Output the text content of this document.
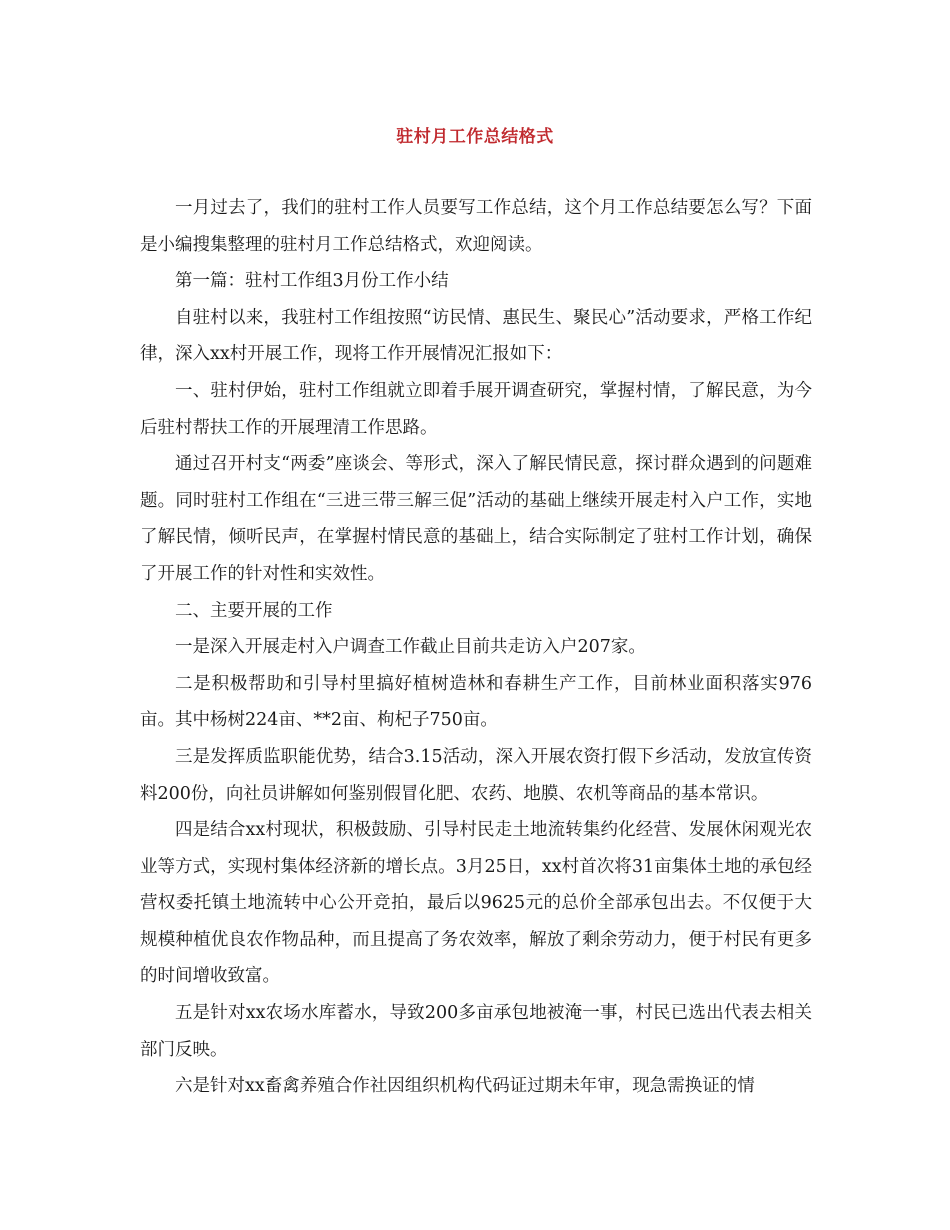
驻村月工作总结格式

一月过去了，我们的驻村工作人员要写工作总结，这个月工作总结要怎么写？下面是小编搜集整理的驻村月工作总结格式，欢迎阅读。

第一篇：驻村工作组3月份工作小结

自驻村以来，我驻村工作组按照“访民情、惠民生、聚民心”活动要求，严格工作纪律，深入xx村开展工作，现将工作开展情况汇报如下：

一、驻村伊始，驻村工作组就立即着手展开调查研究，掌握村情，了解民意，为今后驻村帮扶工作的开展理清工作思路。

通过召开村支“两委”座谈会、等形式，深入了解民情民意，探讨群众遇到的问题难题。同时驻村工作组在“三进三带三解三促”活动的基础上继续开展走村入户工作，实地了解民情，倾听民声，在掌握村情民意的基础上，结合实际制定了驻村工作计划，确保了开展工作的针对性和实效性。

二、主要开展的工作

一是深入开展走村入户调查工作截止目前共走访入户207家。

二是积极帮助和引导村里搞好植树造林和春耕生产工作，目前林业面积落实976亩。其中杨树224亩、**2亩、枸杞子750亩。

三是发挥质监职能优势，结合3.15活动，深入开展农资打假下乡活动，发放宣传资料200份，向社员讲解如何鉴别假冒化肥、农药、地膜、农机等商品的基本常识。

四是结合xx村现状，积极鼓励、引导村民走土地流转集约化经营、发展休闲观光农业等方式，实现村集体经济新的增长点。3月25日，xx村首次将31亩集体土地的承包经营权委托镇土地流转中心公开竞拍，最后以9625元的总价全部承包出去。不仅便于大规模种植优良农作物品种，而且提高了务农效率，解放了剩余劳动力，便于村民有更多的时间增收致富。

五是针对xx农场水库蓄水，导致200多亩承包地被淹一事，村民已选出代表去相关部门反映。

六是针对xx畜禽养殖合作社因组织机构代码证过期未年审，现急需换证的情
